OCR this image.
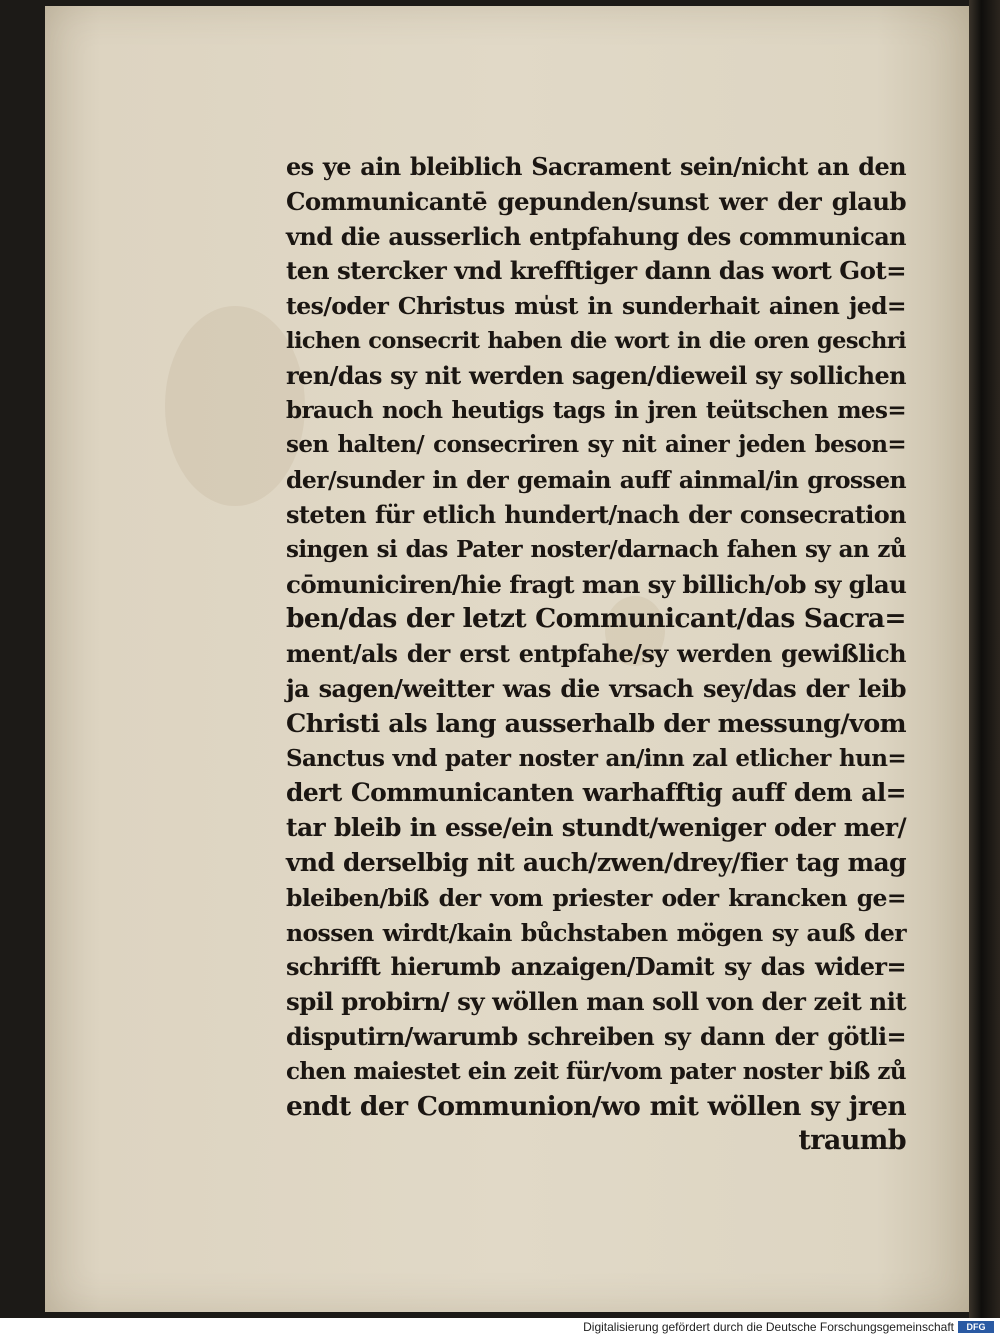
es ye ain bleiblich Sacrament sein/nicht an den
Communicantē gepunden/sunst wer der glaub
vnd die ausserlich entpfahung des communican
ten stercker vnd krefftiger dann das wort Got=
tes/oder Christus mu̍st in sunderhait ainen jed=
lichen consecrit haben die wort in die oren geschri
ren/das sy nit werden sagen/dieweil sy sollichen
brauch noch heutigs tags in jren teütschen mes=
sen halten/ consecriren sy nit ainer jeden beson=
der/sunder in der gemain auff ainmal/in grossen
steten für etlich hundert/nach der consecration
singen si das Pater noster/darnach fahen sy an zů
cōmuniciren/hie fragt man sy billich/ob sy glau
ben/das der letzt Communicant/das Sacra=
ment/als der erst entpfahe/sy werden gewißlich
ja sagen/weitter was die vrsach sey/das der leib
Christi als lang ausserhalb der messung/vom
Sanctus vnd pater noster an/inn zal etlicher hun=
dert Communicanten warhafftig auff dem al=
tar bleib in esse/ein stundt/weniger oder mer/
vnd derselbig nit auch/zwen/drey/fier tag mag
bleiben/biß der vom priester oder krancken ge=
nossen wirdt/kain bůchstaben mögen sy auß der
schrifft hierumb anzaigen/Damit sy das wider=
spil probirn/ sy wöllen man soll von der zeit nit
disputirn/warumb schreiben sy dann der götli=
chen maiestet ein zeit für/vom pater noster biß zů
endt der Communion/wo mit wöllen sy jren
traumb
Digitalisierung gefördert durch die Deutsche Forschungsgemeinschaft	DFG
